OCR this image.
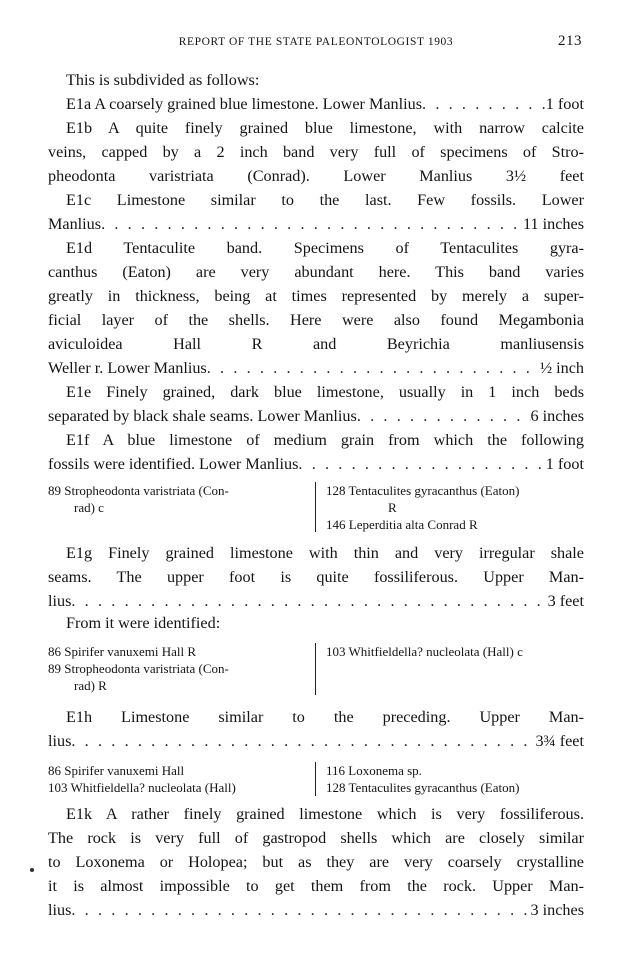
REPORT OF THE STATE PALEONTOLOGIST 1903	213
This is subdivided as follows:
E1a A coarsely grained blue limestone. Lower Manlius . . .	1 foot
E1b A quite finely grained blue limestone, with narrow calcite
veins, capped by a 2 inch band very full of specimens of Stro-
pheodonta varistriata (Conrad). Lower Manlius 3½ feet
E1c Limestone similar to the last. Few fossils. Lower
Manlius . . .	11 inches
E1d Tentaculite band. Specimens of Tentaculites gyra-
canthus (Eaton) are very abundant here. This band varies
greatly in thickness, being at times represented by merely a super-
ficial layer of the shells. Here were also found Megambonia
aviculoidea Hall R and Beyrichia manliusensis
Weller r. Lower Manlius . . .	½ inch
E1e Finely grained, dark blue limestone, usually in 1 inch beds
separated by black shale seams. Lower Manlius . . .	6 inches
E1f A blue limestone of medium grain from which the following
fossils were identified. Lower Manlius . . .	1 foot
89 Stropheodonta varistriata (Con-
rad) c
128 Tentaculites gyracanthus (Eaton)
R
146 Leperditia alta Conrad R
E1g Finely grained limestone with thin and very irregular shale
seams. The upper foot is quite fossiliferous. Upper Man-
lius . . .	3 feet
From it were identified:
86 Spirifer vanuxemi Hall R
89 Stropheodonta varistriata (Con-
rad) R
103 Whitfieldella? nucleolata (Hall) c
E1h Limestone similar to the preceding. Upper Man-
lius . . .	3¾ feet
86 Spirifer vanuxemi Hall
103 Whitfieldella? nucleolata (Hall)
116 Loxonema sp.
128 Tentaculites gyracanthus (Eaton)
E1k A rather finely grained limestone which is very fossiliferous.
The rock is very full of gastropod shells which are closely similar
to Loxonema or Holopea; but as they are very coarsely crystalline
it is almost impossible to get them from the rock. Upper Man-
lius . . .	3 inches
